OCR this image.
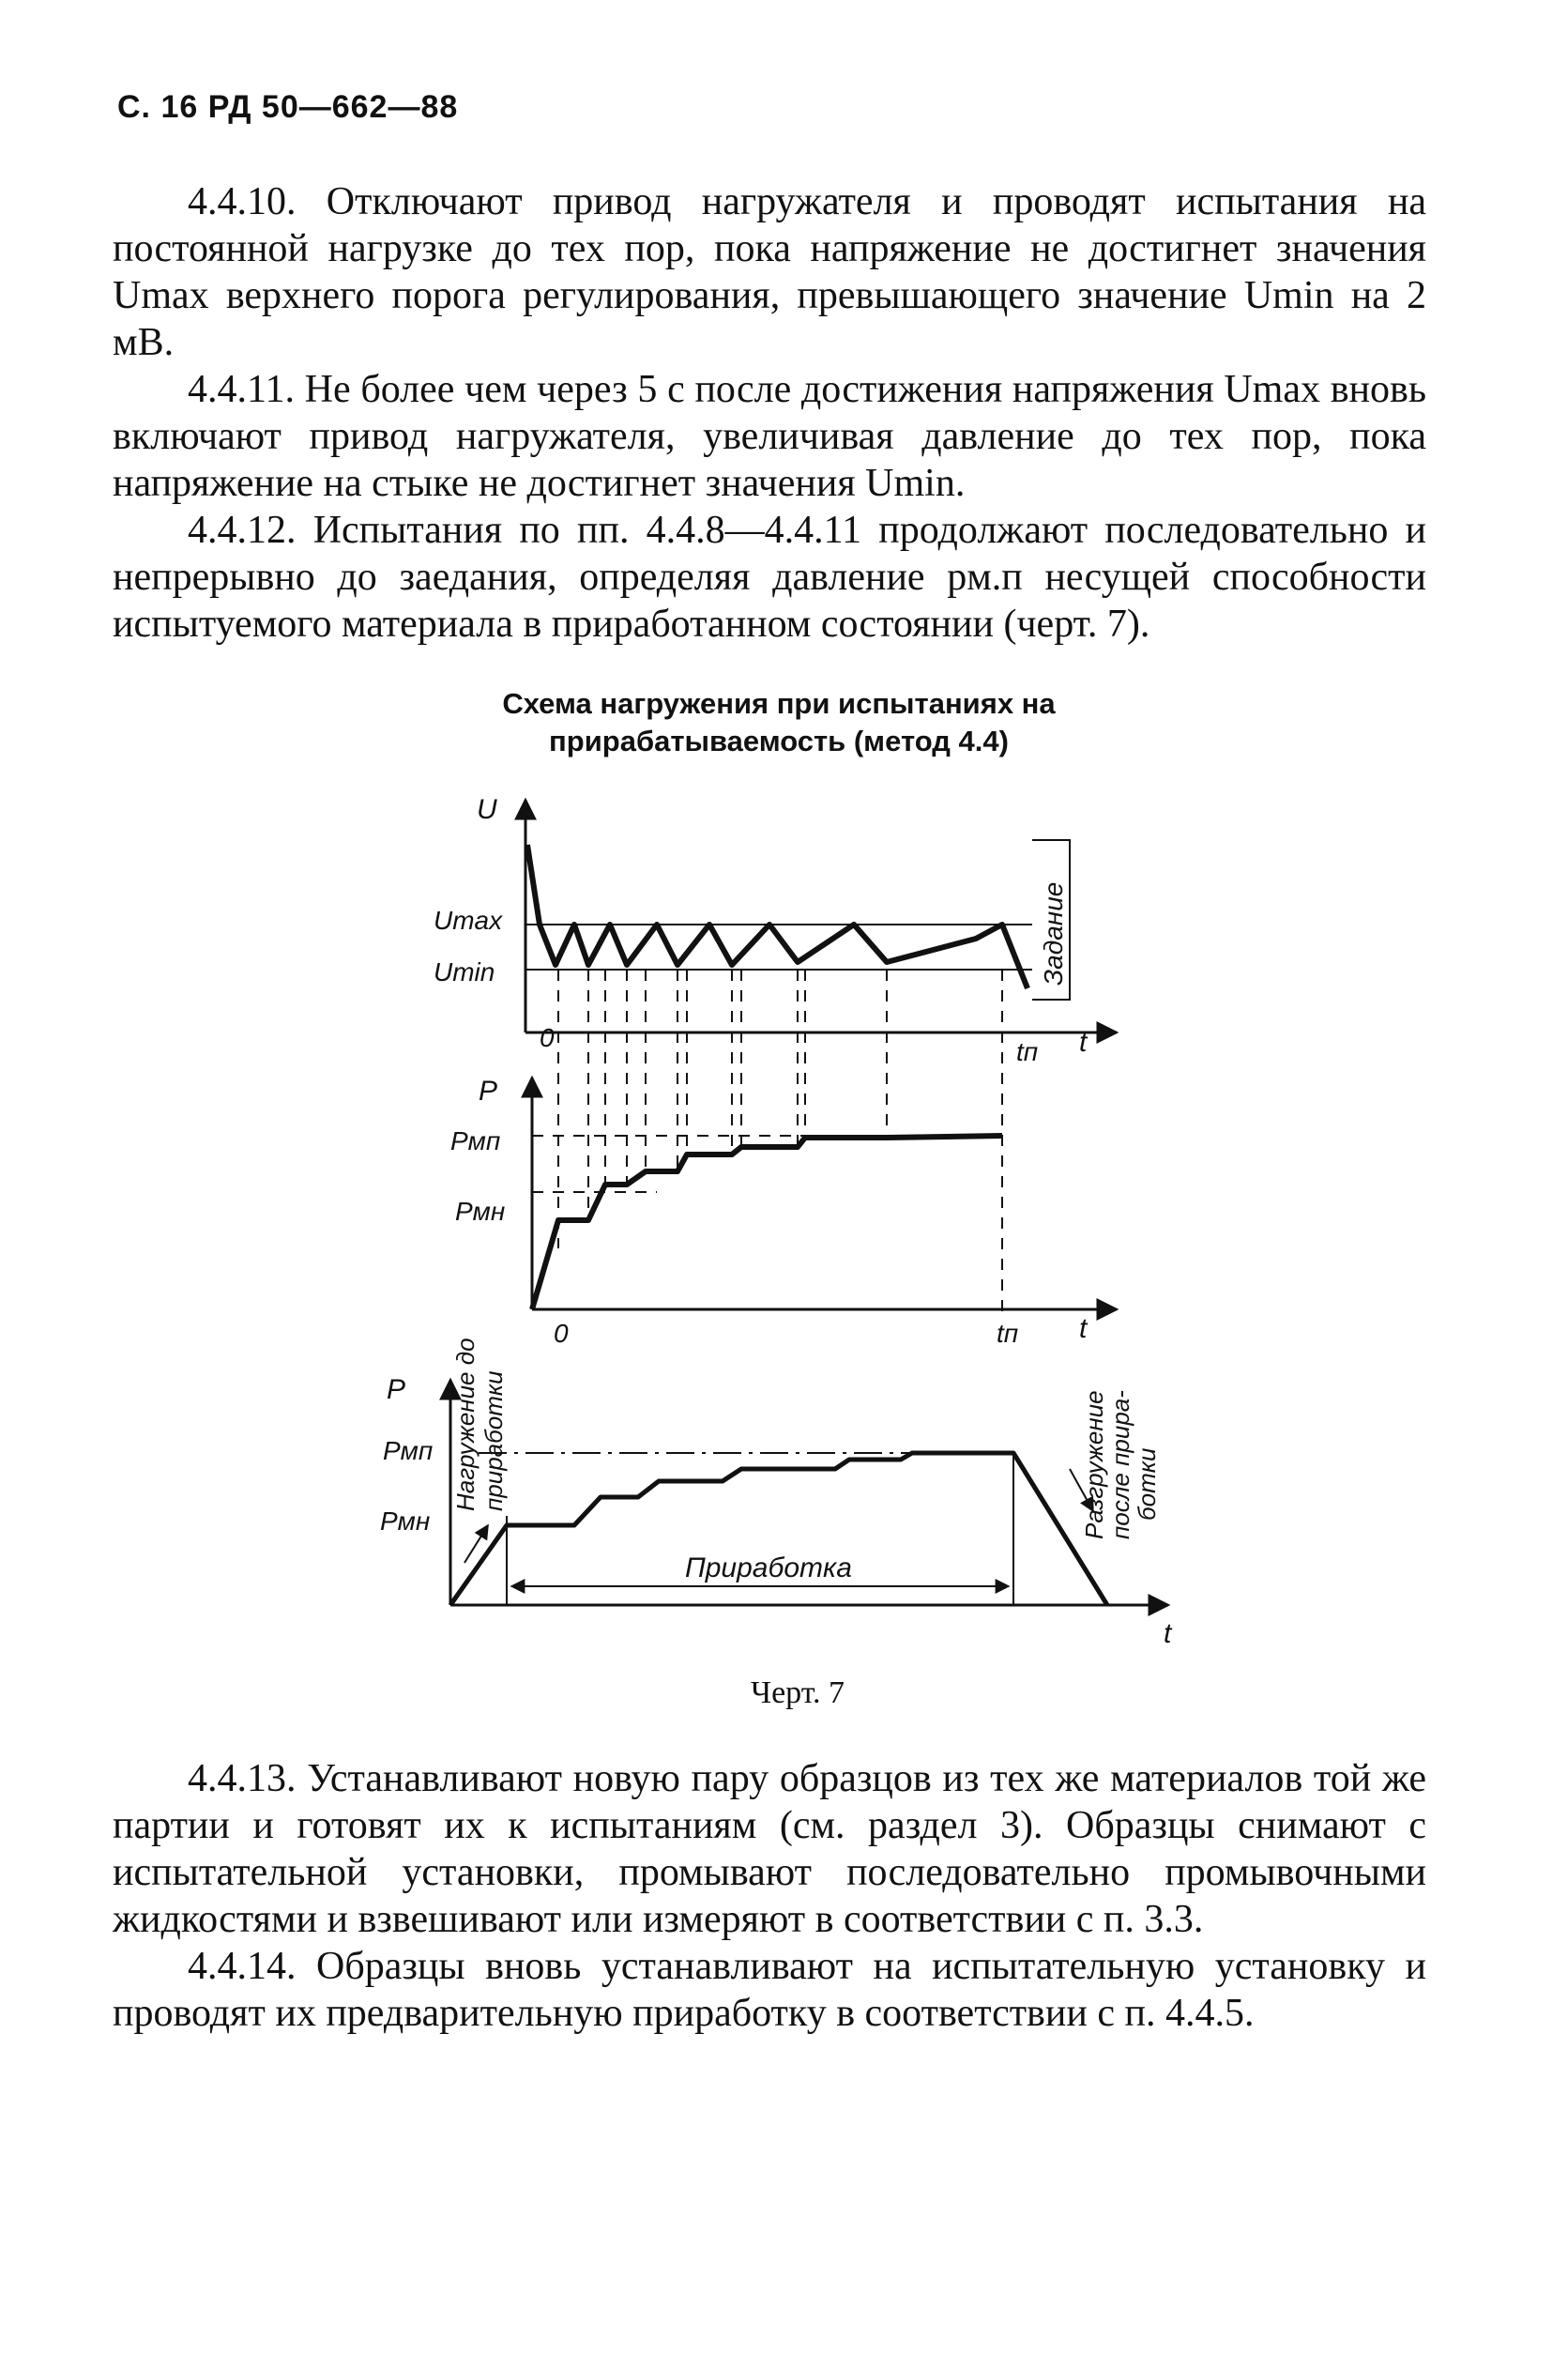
С. 16 РД 50—662—88

4.4.10. Отключают привод нагружателя и проводят испытания на постоянной нагрузке до тех пор, пока напряжение не достигнет значения Umax верхнего порога регулирования, превышающего значение Umin на 2 мВ.

4.4.11. Не более чем через 5 с после достижения напряжения Umax вновь включают привод нагружателя, увеличивая давление до тех пор, пока напряжение на стыке не достигнет значения Umin.

4.4.12. Испытания по пп. 4.4.8—4.4.11 продолжают последовательно и непрерывно до заедания, определяя давление pм.п несущей способности испытуемого материала в приработанном состоянии (черт. 7).

Схема нагружения при испытаниях на
прирабатываемость (метод 4.4)
U
t
Umax
Umin
0	tп
Задание
P
t
Pмп
Pмн
0	tп
P
t
Pмп
Pмн
Приработка
Нагружение до приработки	Разгружение
после прира-
ботки
Черт. 7

4.4.13. Устанавливают новую пару образцов из тех же материалов той же партии и готовят их к испытаниям (см. раздел 3). Образцы снимают с испытательной установки, промывают последовательно промывочными жидкостями и взвешивают или измеряют в соответствии с п. 3.3.

4.4.14. Образцы вновь устанавливают на испытательную установку и проводят их предварительную приработку в соответствии с п. 4.4.5.
